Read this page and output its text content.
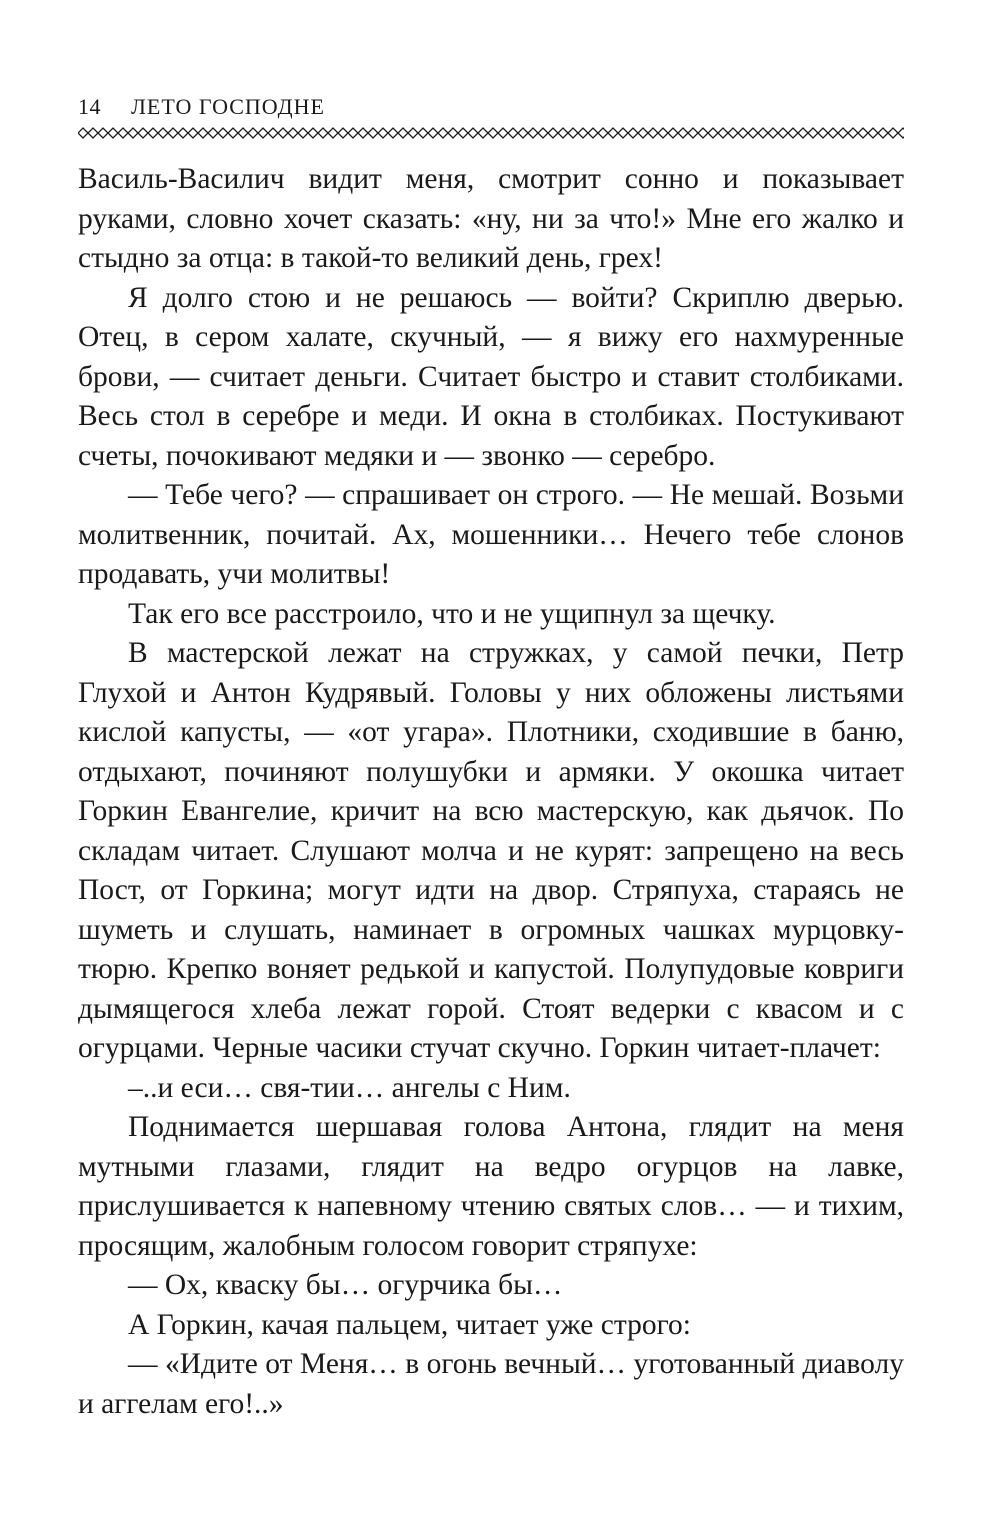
14 ЛЕТО ГОСПОДНЕ

Василь-Василич видит меня, смотрит сонно и показывает руками, словно хочет сказать: «ну, ни за что!» Мне его жалко и стыдно за отца: в такой-то великий день, грех!

Я долго стою и не решаюсь — войти? Скриплю дверью. Отец, в сером халате, скучный, — я вижу его нахмуренные брови, — считает деньги. Считает быстро и ставит столбиками. Весь стол в серебре и меди. И окна в столбиках. Постукивают счеты, почокивают медяки и — звонко — серебро.

— Тебе чего? — спрашивает он строго. — Не мешай. Возьми молитвенник, почитай. Ах, мошенники… Нечего тебе слонов продавать, учи молитвы!

Так его все расстроило, что и не ущипнул за щечку.

В мастерской лежат на стружках, у самой печки, Петр Глухой и Антон Кудрявый. Головы у них обложены листьями кислой капусты, — «от угара». Плотники, сходившие в баню, отдыхают, починяют полушубки и армяки. У окошка читает Горкин Евангелие, кричит на всю мастерскую, как дьячок. По складам читает. Слушают молча и не курят: запрещено на весь Пост, от Горкина; могут идти на двор. Стряпуха, стараясь не шуметь и слушать, наминает в огромных чашках мурцовку-тюрю. Крепко воняет редькой и капустой. Полупудовые ковриги дымящегося хлеба лежат горой. Стоят ведерки с квасом и с огурцами. Черные часики стучат скучно. Горкин читает-плачет:

–..и еси… свя-тии… ангелы с Ним.

Поднимается шершавая голова Антона, глядит на меня мутными глазами, глядит на ведро огурцов на лавке, прислушивается к напевному чтению святых слов… — и тихим, просящим, жалобным голосом говорит стряпухе:

— Ох, кваску бы… огурчика бы…

А Горкин, качая пальцем, читает уже строго:

— «Идите от Меня… в огонь вечный… уготованный диаволу и аггелам его!..»
